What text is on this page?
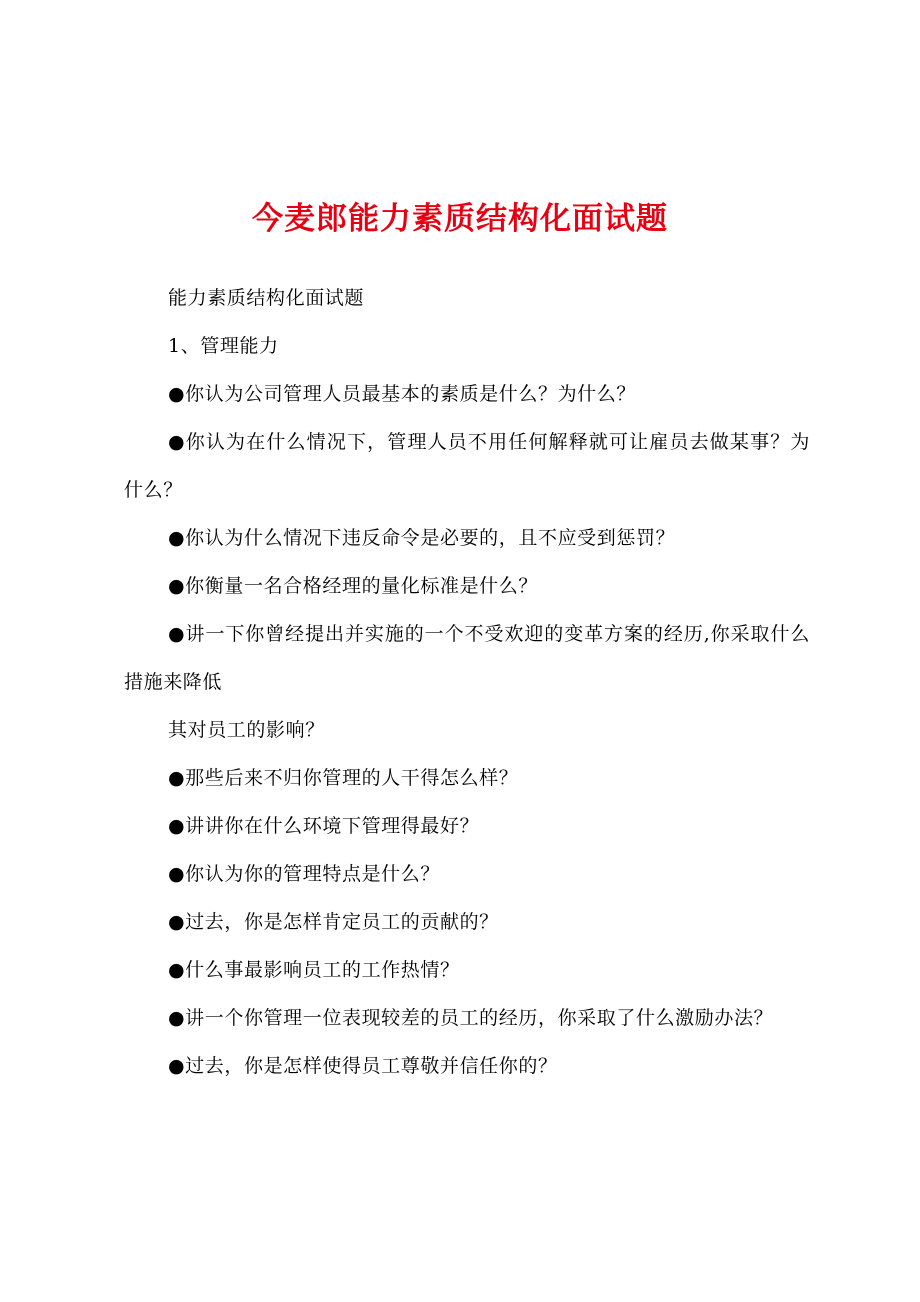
今麦郎能力素质结构化面试题

能力素质结构化面试题

1、管理能力

●你认为公司管理人员最基本的素质是什么？为什么？

●你认为在什么情况下，管理人员不用任何解释就可让雇员去做某事？为什么？

●你认为什么情况下违反命令是必要的，且不应受到惩罚？

●你衡量一名合格经理的量化标准是什么？

●讲一下你曾经提出并实施的一个不受欢迎的变革方案的经历,你采取什么措施来降低

其对员工的影响？

●那些后来不归你管理的人干得怎么样？

●讲讲你在什么环境下管理得最好？

●你认为你的管理特点是什么？

●过去，你是怎样肯定员工的贡献的？

●什么事最影响员工的工作热情？

●讲一个你管理一位表现较差的员工的经历，你采取了什么激励办法？

●过去，你是怎样使得员工尊敬并信任你的？
